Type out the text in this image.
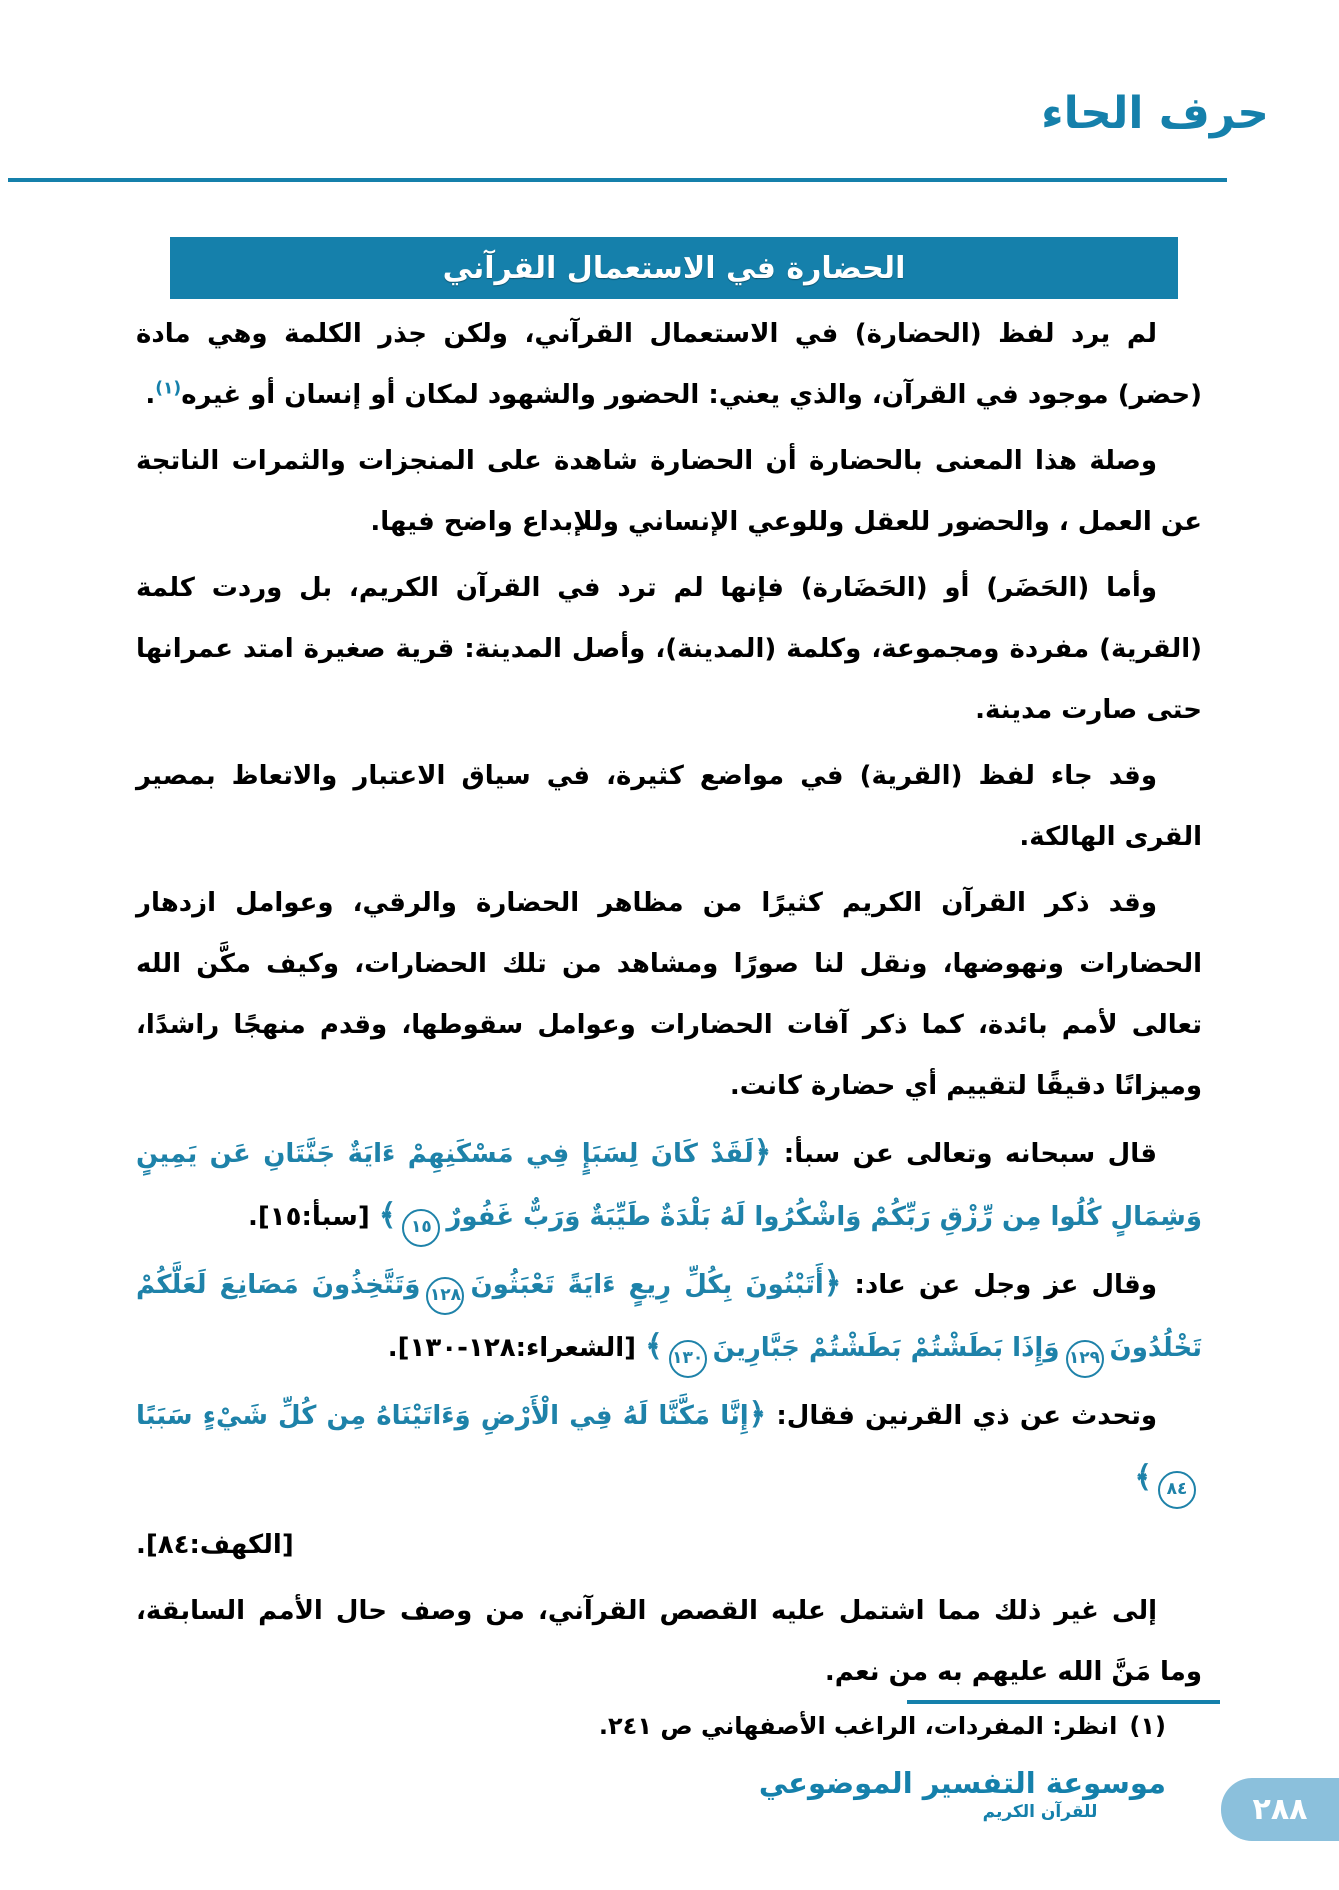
حرف الحاء
الحضارة في الاستعمال القرآني

لم يرد لفظ (الحضارة) في الاستعمال القرآني، ولكن جذر الكلمة وهي مادة (حضر) موجود في القرآن، والذي يعني: الحضور والشهود لمكان أو إنسان أو غيره$^{(١)}$.

وصلة هذا المعنى بالحضارة أن الحضارة شاهدة على المنجزات والثمرات الناتجة عن العمل ، والحضور للعقل وللوعي الإنساني وللإبداع واضح فيها.

وأما (الحَضَر) أو (الحَضَارة) فإنها لم ترد في القرآن الكريم، بل وردت كلمة (القرية) مفردة ومجموعة، وكلمة (المدينة)، وأصل المدينة: قرية صغيرة امتد عمرانها حتى صارت مدينة.

وقد جاء لفظ (القرية) في مواضع كثيرة، في سياق الاعتبار والاتعاظ بمصير القرى الهالكة.

وقد ذكر القرآن الكريم كثيرًا من مظاهر الحضارة والرقي، وعوامل ازدهار الحضارات ونهوضها، ونقل لنا صورًا ومشاهد من تلك الحضارات، وكيف مكَّن الله تعالى لأمم بائدة، كما ذكر آفات الحضارات وعوامل سقوطها، وقدم منهجًا راشدًا، وميزانًا دقيقًا لتقييم أي حضارة كانت.

قال سبحانه وتعالى عن سبأ: ﴿لَقَدْ كَانَ لِسَبَإٍ فِي مَسْكَنِهِمْ ءَايَةٌ جَنَّتَانِ عَن يَمِينٍ وَشِمَالٍ كُلُوا مِن رِّزْقِ رَبِّكُمْ وَاشْكُرُوا لَهُ بَلْدَةٌ طَيِّبَةٌ وَرَبٌّ غَفُورٌ١٥﴾ [سبأ:١٥].

وقال عز وجل عن عاد: ﴿أَتَبْنُونَ بِكُلِّ رِيعٍ ءَايَةً تَعْبَثُونَ١٢٨وَتَتَّخِذُونَ مَصَانِعَ لَعَلَّكُمْ تَخْلُدُونَ١٢٩وَإِذَا بَطَشْتُمْ بَطَشْتُمْ جَبَّارِينَ١٣٠﴾ [الشعراء:١٢٨-١٣٠].

وتحدث عن ذي القرنين فقال: ﴿إِنَّا مَكَّنَّا لَهُ فِي الْأَرْضِ وَءَاتَيْنَاهُ مِن كُلِّ شَيْءٍ سَبَبًا٨٤﴾

[الكهف:٨٤].

إلى غير ذلك مما اشتمل عليه القصص القرآني، من وصف حال الأمم السابقة، وما مَنَّ الله عليهم به من نعم.

(١)انظر: المفردات، الراغب الأصفهاني ص ٢٤١.
موسوعة التفسير الموضوعي
للقرآن الكريم	٢٨٨
